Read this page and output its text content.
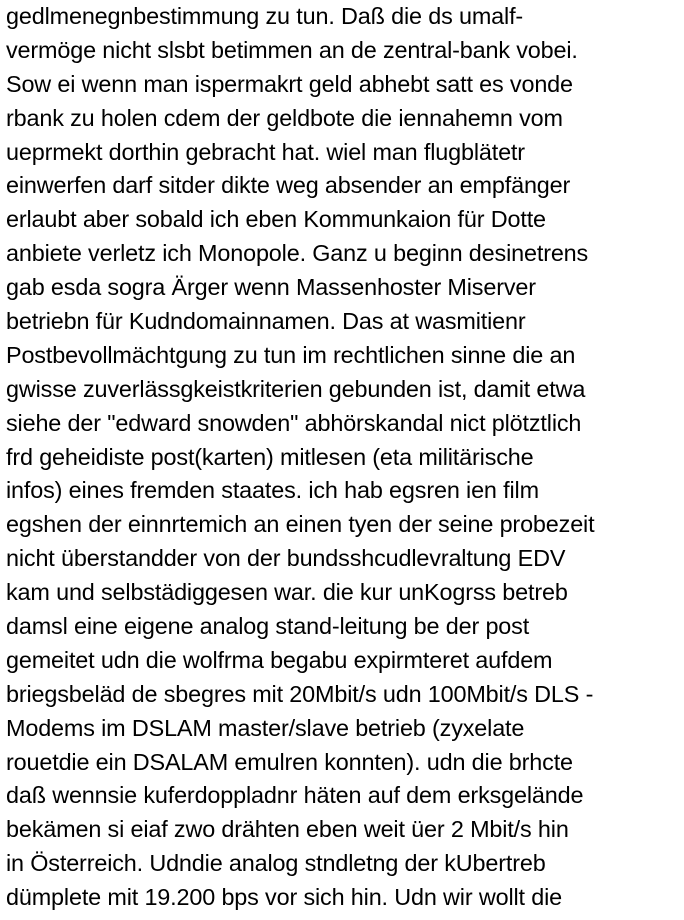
gedlmenegnbestimmung zu tun. Daß die ds umalf-
vermöge nicht slsbt betimmen an de zentral-bank vobei.
Sow ei wenn man ispermakrt geld abhebt satt es vonde
rbank zu holen cdem der geldbote die iennahemn vom
ueprmekt dorthin gebracht hat. wiel man flugblätetr
einwerfen darf sitder dikte weg absender an empfänger
erlaubt aber sobald ich eben Kommunkaion für Dotte
anbiete verletz ich Monopole. Ganz u beginn desinetrens
gab esda sogra Ärger wenn Massenhoster Miserver
betriebn für Kudndomainnamen. Das at wasmitienr
Postbevollmächtgung zu tun im rechtlichen sinne die an
gwisse zuverlässgkeistkriterien gebunden ist, damit etwa
siehe der "edward snowden" abhörskandal nict plötztlich
frd geheidiste post(karten) mitlesen (eta militärische
infos) eines fremden staates. ich hab egsren ien film
egshen der einnrtemich an einen tyen der seine probezeit
nicht überstandder von der bundsshcudlevraltung EDV
kam und selbstädiggesen war. die kur unKogrss betreb
damsl eine eigene analog stand-leitung be der post
gemeitet udn die wolfrma begabu expirmteret aufdem
briegsbeläd de sbegres mit 20Mbit/s udn 100Mbit/s DLS -
Modems im DSLAM master/slave betrieb (zyxelate
rouetdie ein DSALAM emulren konnten). udn die brhcte
daß wennsie kuferdoppladnr häten auf dem erksgelände
bekämen si eiaf zwo drähten eben weit üer 2 Mbit/s hin
in Österreich. Udndie analog stndletng der kUbertreb
dümplete mit 19.200 bps vor sich hin. Udn wir wollt die
